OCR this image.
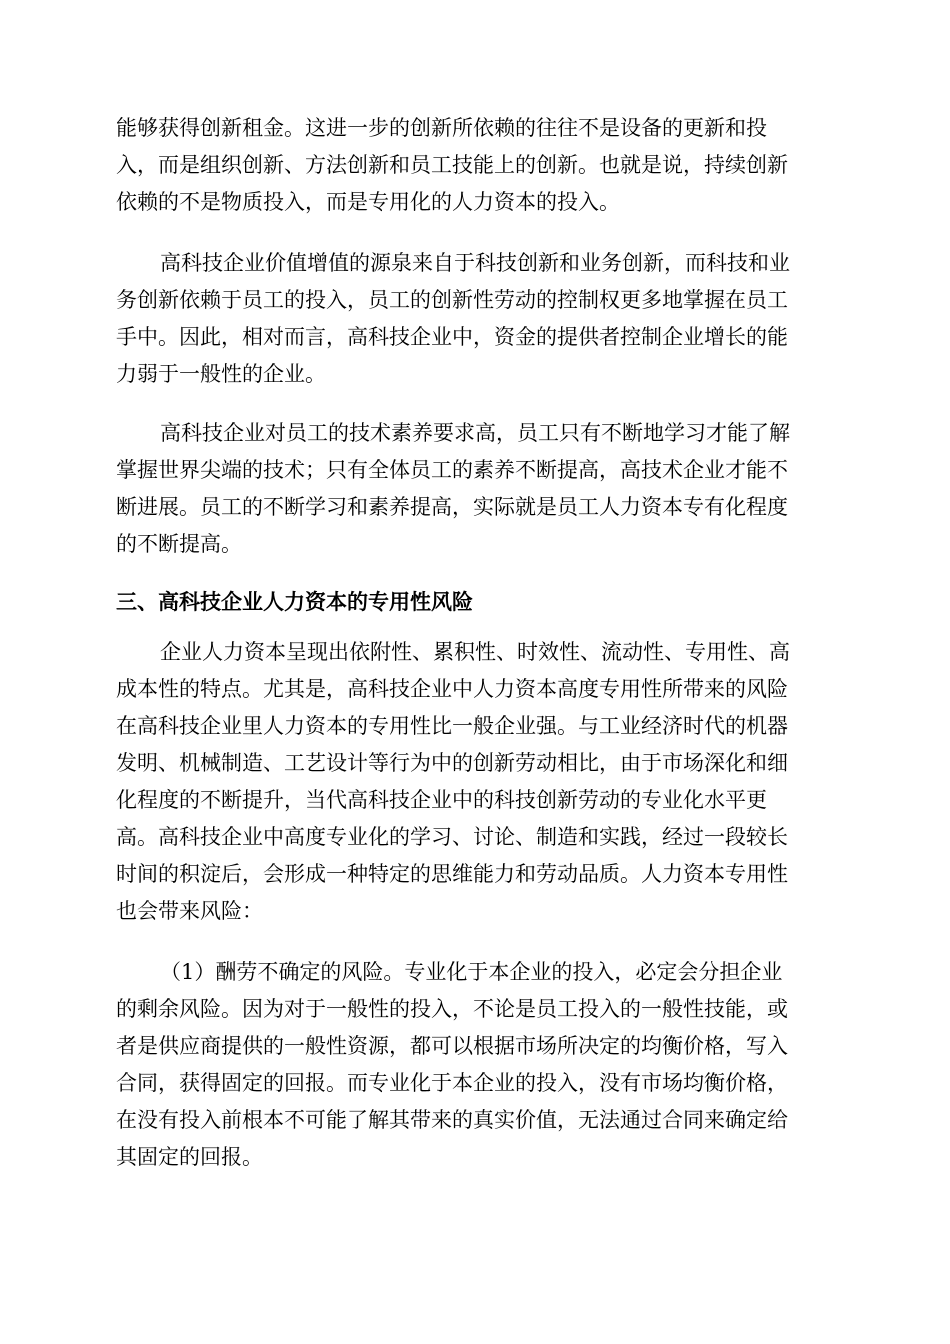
能够获得创新租金。这进一步的创新所依赖的往往不是设备的更新和投
入，而是组织创新、方法创新和员工技能上的创新。也就是说，持续创新
依赖的不是物质投入，而是专用化的人力资本的投入。
高科技企业价值增值的源泉来自于科技创新和业务创新，而科技和业
务创新依赖于员工的投入，员工的创新性劳动的控制权更多地掌握在员工
手中。因此，相对而言，高科技企业中，资金的提供者控制企业增长的能
力弱于一般性的企业。
高科技企业对员工的技术素养要求高，员工只有不断地学习才能了解
掌握世界尖端的技术；只有全体员工的素养不断提高，高技术企业才能不
断进展。员工的不断学习和素养提高，实际就是员工人力资本专有化程度
的不断提高。
三、高科技企业人力资本的专用性风险
企业人力资本呈现出依附性、累积性、时效性、流动性、专用性、高
成本性的特点。尤其是，高科技企业中人力资本高度专用性所带来的风险
在高科技企业里人力资本的专用性比一般企业强。与工业经济时代的机器
发明、机械制造、工艺设计等行为中的创新劳动相比，由于市场深化和细
化程度的不断提升，当代高科技企业中的科技创新劳动的专业化水平更
高。高科技企业中高度专业化的学习、讨论、制造和实践，经过一段较长
时间的积淀后，会形成一种特定的思维能力和劳动品质。人力资本专用性
也会带来风险：
（1）酬劳不确定的风险。专业化于本企业的投入，必定会分担企业
的剩余风险。因为对于一般性的投入，不论是员工投入的一般性技能，或
者是供应商提供的一般性资源，都可以根据市场所决定的均衡价格，写入
合同，获得固定的回报。而专业化于本企业的投入，没有市场均衡价格，
在没有投入前根本不可能了解其带来的真实价值，无法通过合同来确定给
其固定的回报。
